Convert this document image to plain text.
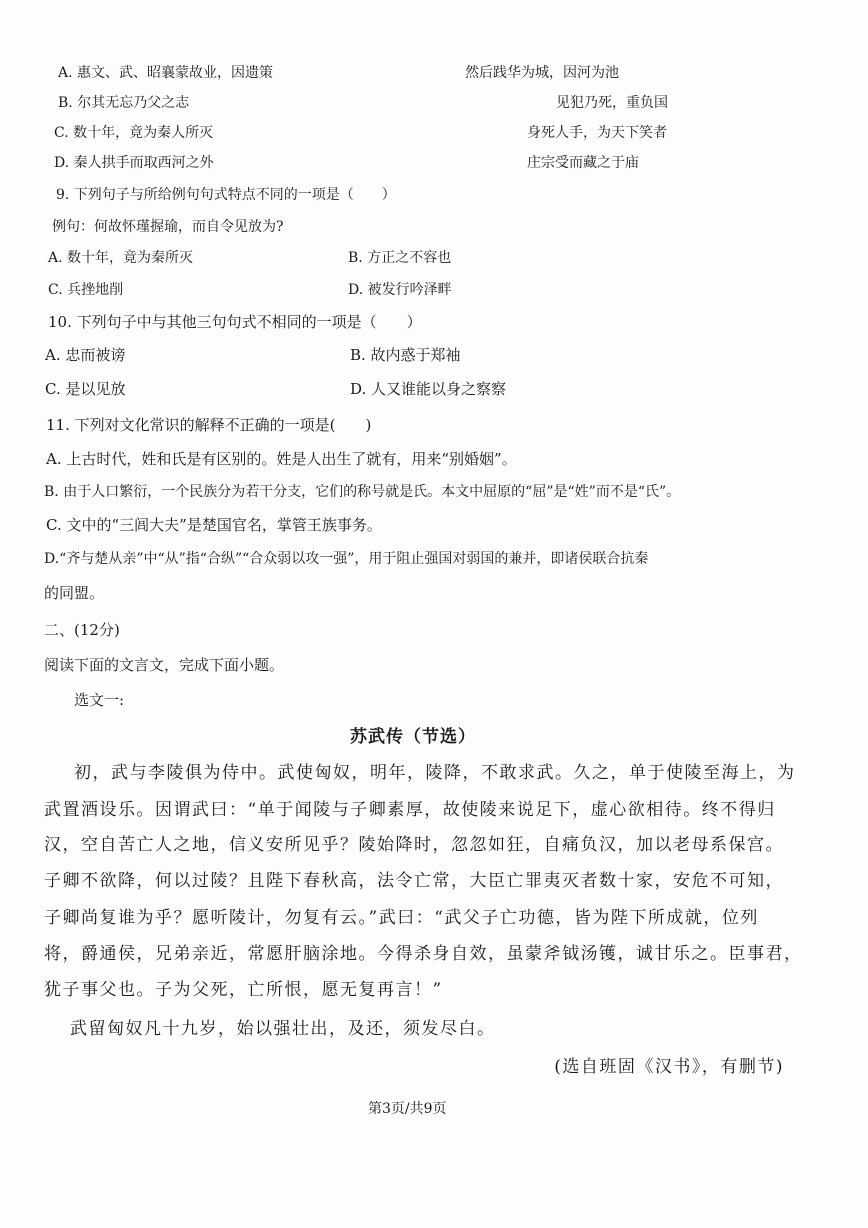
A. 惠文、武、昭襄蒙故业，因遗策	然后践华为城，因河为池
B. 尔其无忘乃父之志	见犯乃死，重负国
C. 数十年，竟为秦人所灭	身死人手，为天下笑者
D. 秦人拱手而取西河之外	庄宗受而藏之于庙
9. 下列句子与所给例句句式特点不同的一项是（　　）
例句：何故怀瑾握瑜，而自令见放为?
A. 数十年，竟为秦所灭	B. 方正之不容也
C. 兵挫地削	D. 被发行吟泽畔
10. 下列句子中与其他三句句式不相同的一项是（　　）
A. 忠而被谤	B. 故内惑于郑袖
C. 是以见放	D. 人又谁能以身之察察
11. 下列对文化常识的解释不正确的一项是(　　)
A. 上古时代，姓和氏是有区别的。姓是人出生了就有，用来“别婚姻”。
B. 由于人口繁衍，一个民族分为若干分支，它们的称号就是氏。本文中屈原的“屈”是“姓”而不是“氏”。
C. 文中的“三闾大夫”是楚国官名，掌管王族事务。
D.“齐与楚从亲”中“从”指“合纵”“合众弱以攻一强”，用于阻止强国对弱国的兼并，即诸侯联合抗秦
的同盟。
二、(12分)
阅读下面的文言文，完成下面小题。
选文一:
苏武传（节选）
初，武与李陵俱为侍中。武使匈奴，明年，陵降，不敢求武。久之，单于使陵至海上，为
武置酒设乐。因谓武曰：“单于闻陵与子卿素厚，故使陵来说足下，虚心欲相待。终不得归
汉，空自苦亡人之地，信义安所见乎？陵始降时，忽忽如狂，自痛负汉，加以老母系保宫。
子卿不欲降，何以过陵？且陛下春秋高，法令亡常，大臣亡罪夷灭者数十家，安危不可知，
子卿尚复谁为乎？愿听陵计，勿复有云。”武曰：“武父子亡功德，皆为陛下所成就，位列
将，爵通侯，兄弟亲近，常愿肝脑涂地。今得杀身自效，虽蒙斧钺汤镬，诚甘乐之。臣事君，
犹子事父也。子为父死，亡所恨，愿无复再言！”
武留匈奴凡十九岁，始以强壮出，及还，须发尽白。
(选自班固《汉书》，有删节)
第3页/共9页
